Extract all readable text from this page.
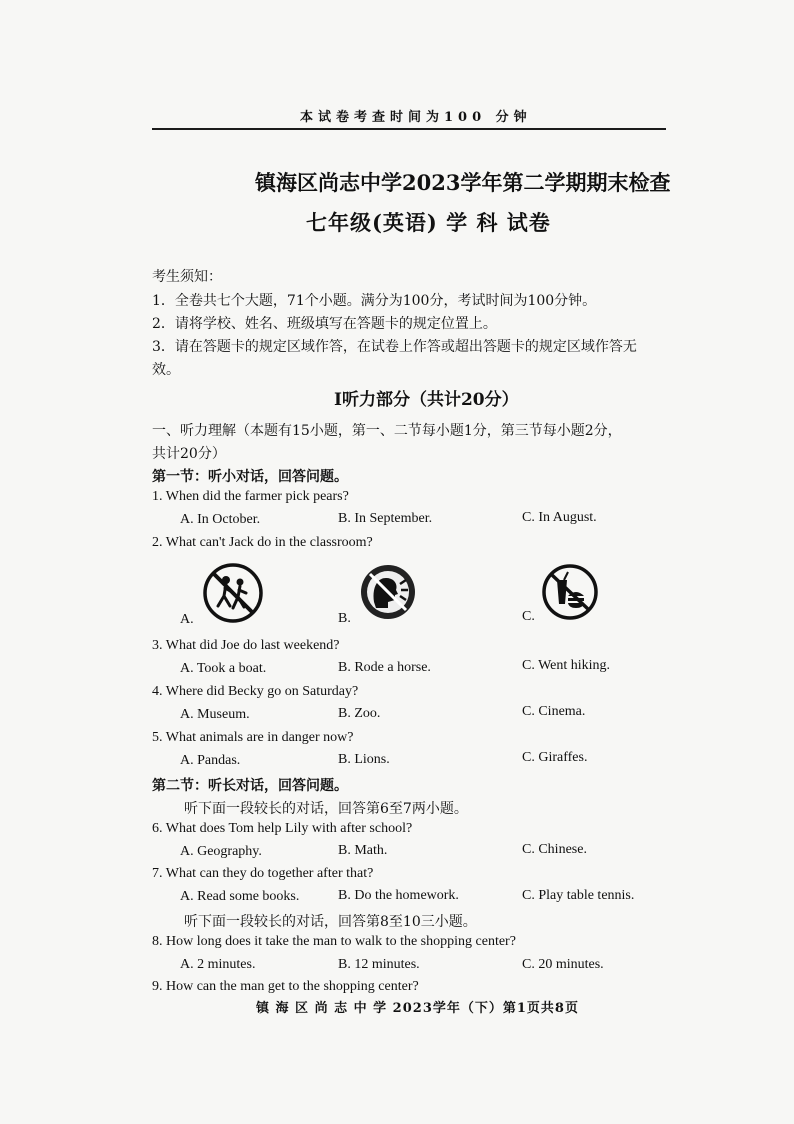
本试卷考查时间为100 分钟
镇海区尚志中学2023学年第二学期期末检查
七年级(英语) 学 科 试卷
考生须知：
1．全卷共七个大题，71个小题。满分为100分，考试时间为100分钟。
2．请将学校、姓名、班级填写在答题卡的规定位置上。
3．请在答题卡的规定区域作答，在试卷上作答或超出答题卡的规定区域作答无
效。
I听力部分（共计20分）
一、听力理解（本题有15小题，第一、二节每小题1分，第三节每小题2分，
共计20分）
第一节：听小对话，回答问题。
1. When did the farmer pick pears?
A. In October.	B. In September.	C. In August.
2. What can't Jack do in the classroom?
A.	B.	C.
3. What did Joe do last weekend?
A. Took a boat.	B. Rode a horse.	C. Went hiking.
4. Where did Becky go on Saturday?
A. Museum.	B. Zoo.	C. Cinema.
5. What animals are in danger now?
A. Pandas.	B. Lions.	C. Giraffes.
第二节：听长对话，回答问题。
听下面一段较长的对话，回答第6至7两小题。
6. What does Tom help Lily with after school?
A. Geography.	B. Math.	C. Chinese.
7. What can they do together after that?
A. Read some books.	B. Do the homework.	C. Play table tennis.
听下面一段较长的对话，回答第8至10三小题。
8. How long does it take the man to walk to the shopping center?
A. 2 minutes.	B. 12 minutes.	C. 20 minutes.
9. How can the man get to the shopping center?
镇 海 区 尚 志 中 学 2023学年（下）第1页共8页
